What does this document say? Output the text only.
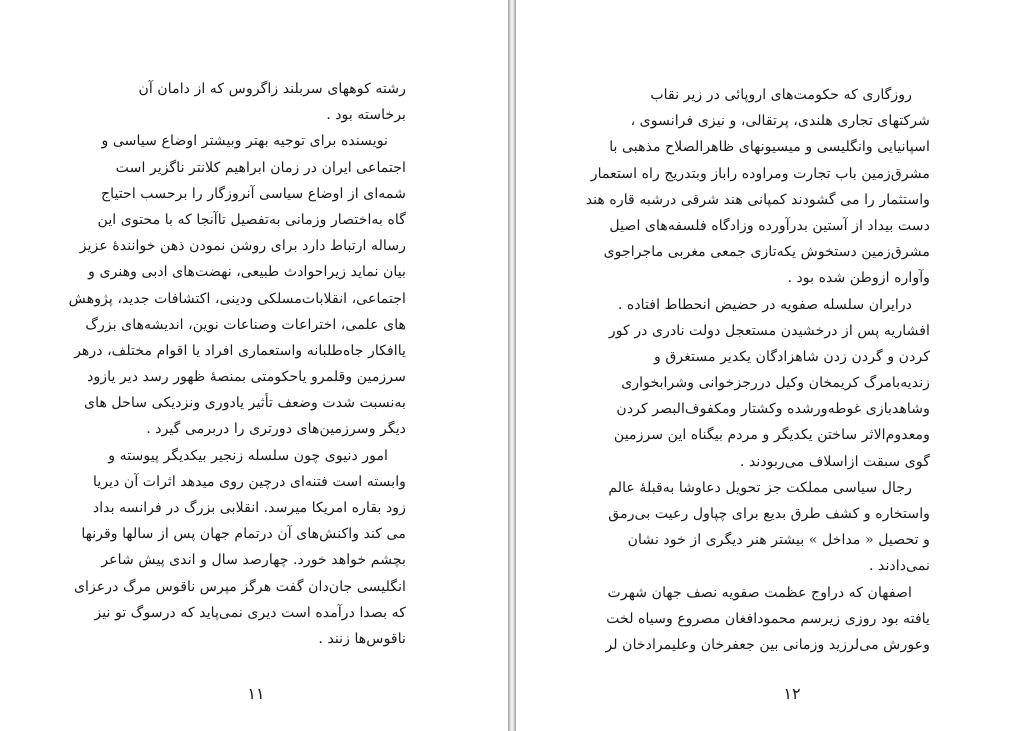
رشته کوههای سربلند زاگروس که از دامان آن
برخاسته بود .
نویسنده برای توجیه بهتر وبیشتر اوضاع سیاسی و
اجتماعی ایران در زمان ابراهیم کلانتر ناگزیر است
شمه‌ای از اوضاع سیاسی آنروزگار را برحسب احتیاج
گاه به‌اختصار وزمانی به‌تفصیل تاآنجا که با محتوی این
رساله ارتباط دارد برای روشن نمودن ذهن خوانندهٔ عزیز
بیان نماید زیراحوادث طبیعی، نهضت‌های ادبی وهنری و
اجتماعی، انقلابات‌مسلکی ودینی، اکتشافات جدید، پژوهش
های علمی، اختراعات وصناعات نوین، اندیشه‌های بزرگ
یاافکار جاه‌طلبانه واستعماری افراد یا اقوام مختلف، درهر
سرزمین وقلمرو یاحکومتی بمنصهٔ ظهور رسد دیر یازود
به‌نسبت شدت وضعف تأثیر یادوری ونزدیکی ساحل های
دیگر وسرزمین‌های دورتری را دربرمی گیرد .
امور دنیوی چون سلسله زنجیر بیکدیگر پیوسته و
وابسته است فتنه‌ای درچین روی میدهد اثرات آن دیریا
زود بقاره امریکا میرسد. انقلابی بزرگ در فرانسه بداد
می کند واکنش‌های آن درتمام جهان پس از سالها وقرنها
بچشم خواهد خورد. چهارصد سال و اندی پیش شاعر
انگلیسی جان‌دان گفت هرگز مپرس ناقوس مرگ درعزای
که بصدا درآمده است دیری نمی‌پاید که درسوگ تو نیز
ناقوس‌ها زنند .
۱۱
روزگاری که حکومت‌های اروپائی در زیر نقاب
شرکتهای تجاری هلندی، پرتقالی، و نیزی فرانسوی ،
اسپانیایی وانگلیسی و میسیونهای ظاهرالصلاح مذهبی با
مشرق‌زمین باب تجارت ومراوده راباز وبتدریج راه استعمار
واستثمار را می گشودند کمپانی هند شرقی درشبه قاره هند
دست بیداد از آستین بدرآورده وزادگاه فلسفه‌های اصیل
مشرق‌زمین دستخوش یکه‌تازی جمعی مغربی ماجراجوی
وآواره ازوطن شده بود .
درایران سلسله صفویه در حضیض انحطاط افتاده .
افشاریه پس از درخشیدن مستعجل دولت نادری در کور
کردن و گردن زدن شاهزادگان یکدیر مستغرق و
زندیه‌بامرگ کریمخان وکیل دررجزخوانی وشرابخواری
وشاهدبازی غوطه‌ورشده وکشتار ومکفوف‌البصر کردن
ومعدوم‌الاثر ساختن یکدیگر و مردم بیگناه این سرزمین
گوی سبقت ازاسلاف می‌ربودند .
رجال سیاسی مملکت جز تحویل دعاوشا به‌قبلهٔ عالم
واستخاره و کشف طرق بدیع برای چپاول رعیت بی‌رمق
و تحصیل « مداخل » بیشتر هنر دیگری از خود نشان
نمی‌دادند .
اصفهان که دراوج عظمت صفویه نصف جهان شهرت
یافته بود روزی زیرسم محمودافغان مصروع وسیاه لخت
وعورش می‌لرزید وزمانی بین جعفرخان وعلیمرادخان لر
۱۲
